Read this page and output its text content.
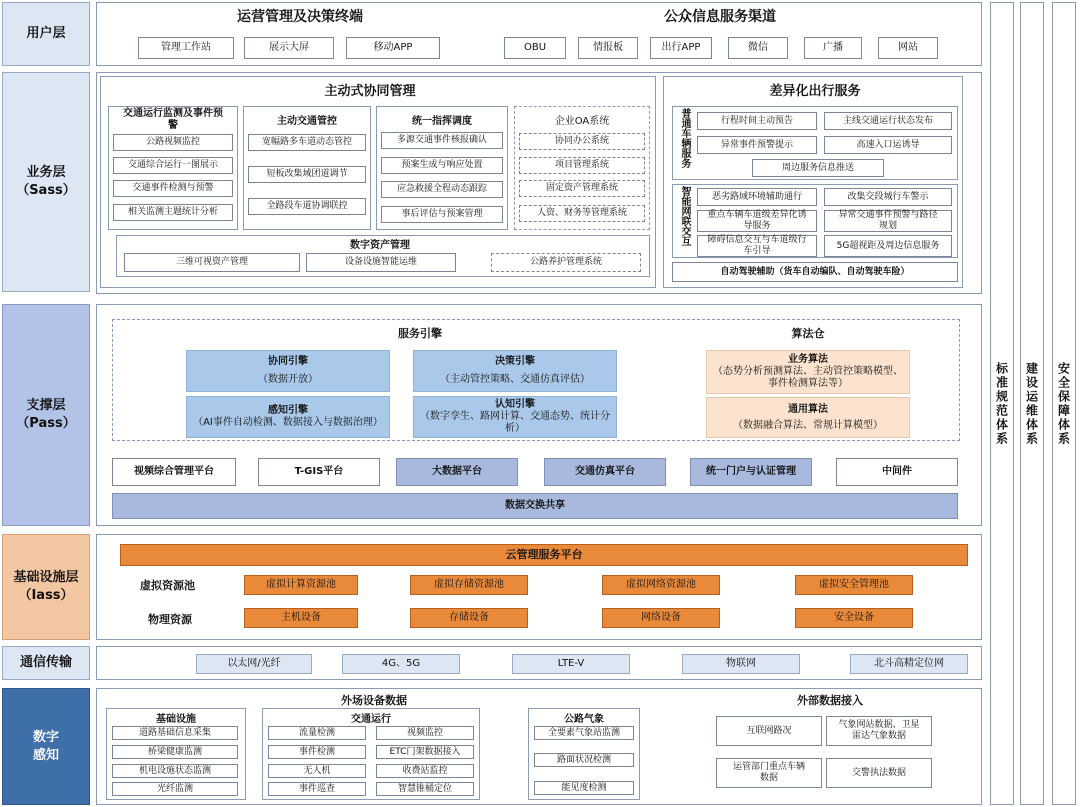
用户层
业务层
（Sass）
支撑层
（Pass）
基础设施层
（Iass）
通信传输
数字
感知
标准规范体系 建设运维体系 安全保障体系
运营管理及决策终端	公众信息服务渠道
管理工作站	展示大屏	移动APP	OBU	情报板	出行APP	微信	广播	网站
主动式协同管理
交通运行监测及事件预警
公路视频监控
交通综合运行一图展示
交通事件检测与预警
相关监测主题统计分析
主动交通管控
宽幅路多车道动态管控
短板改集域团道调节
全路段车道协调联控
统一指挥调度
多源交通事件核报确认
预案生成与响应处置
应急救援全程动态跟踪
事后评估与预案管理
企业OA系统
协同办公系统
项目管理系统
固定资产管理系统
人资、财务等管理系统
数字资产管理
三维可视资产管理	设备设施智能运维	公路养护管理系统
差异化出行服务
普通车辆服务	行程时间主动预告	主线交通运行状态发布
异常事件预警提示	高速入口运诱导
周边服务信息推送
智能网联交互	恶劣路域环境辅助通行	改集交段城行车警示
重点车辆车道级差异化诱导服务
异常交通事件预警与路径规划
障碍信息交互与车道级行车引导
5G超视距及周边信息服务
自动驾驶辅助（货车自动编队、自动驾驶车险）
服务引擎	算法仓
协同引擎
（数据开放）
决策引擎
（主动管控策略、交通仿真评估）
感知引擎
（AI事件自动检测、数据接入与数据治理）
认知引擎
（数字孪生、路网计算、交通态势、统计分析）
业务算法
（态势分析预测算法、主动管控策略模型、事件检测算法等）
通用算法
（数据融合算法、常规计算模型）
视频综合管理平台	T-GIS平台	大数据平台	交通仿真平台	统一门户与认证管理	中间件
数据交换共享
云管理服务平台
虚拟资源池	虚拟计算资源池	虚拟存储资源池	虚拟网络资源池	虚拟安全管理池
物理资源	主机设备	存储设备	网络设备	安全设备
以太网/光纤	4G、5G	LTE-V	物联网	北斗高精定位网
外场设备数据	外部数据接入
基础设施
道路基础信息采集
桥梁健康监测
机电设施状态监测
光纤监测
交通运行
流量检测	视频监控
事件检测	ETC门架数据接入
无人机	收费站监控
事件巡查	智慧锥桶定位
公路气象
全要素气象站监测
路面状况检测
能见度检测
互联网路况
气象网站数据、卫星雷达气象数据
运管部门重点车辆数据
交警执法数据
